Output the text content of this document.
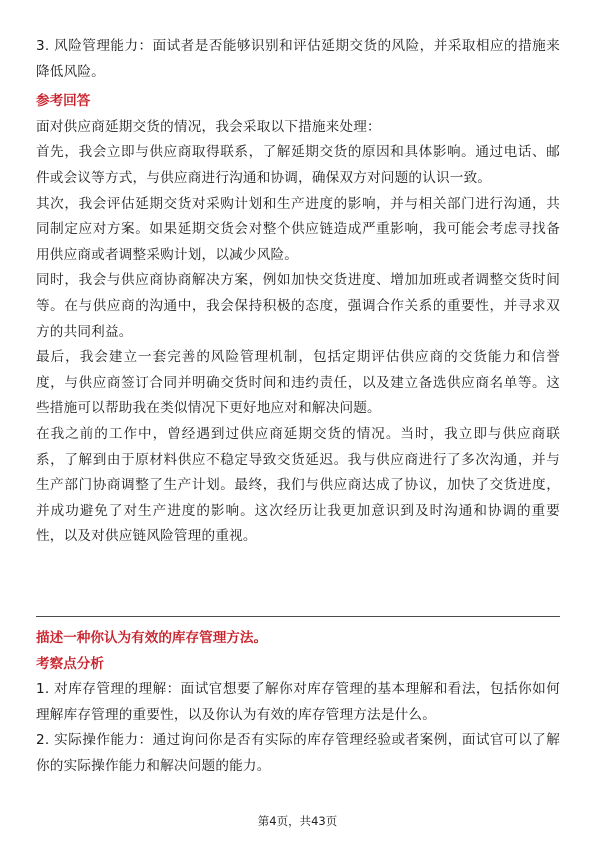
3. 风险管理能力：面试者是否能够识别和评估延期交货的风险，并采取相应的措施来降低风险。

参考回答

面对供应商延期交货的情况，我会采取以下措施来处理：

首先，我会立即与供应商取得联系，了解延期交货的原因和具体影响。通过电话、邮件或会议等方式，与供应商进行沟通和协调，确保双方对问题的认识一致。

其次，我会评估延期交货对采购计划和生产进度的影响，并与相关部门进行沟通，共同制定应对方案。如果延期交货会对整个供应链造成严重影响，我可能会考虑寻找备用供应商或者调整采购计划，以减少风险。

同时，我会与供应商协商解决方案，例如加快交货进度、增加加班或者调整交货时间等。在与供应商的沟通中，我会保持积极的态度，强调合作关系的重要性，并寻求双方的共同利益。

最后，我会建立一套完善的风险管理机制，包括定期评估供应商的交货能力和信誉度，与供应商签订合同并明确交货时间和违约责任，以及建立备选供应商名单等。这些措施可以帮助我在类似情况下更好地应对和解决问题。

在我之前的工作中，曾经遇到过供应商延期交货的情况。当时，我立即与供应商联系，了解到由于原材料供应不稳定导致交货延迟。我与供应商进行了多次沟通，并与生产部门协商调整了生产计划。最终，我们与供应商达成了协议，加快了交货进度，并成功避免了对生产进度的影响。这次经历让我更加意识到及时沟通和协调的重要性，以及对供应链风险管理的重视。

描述一种你认为有效的库存管理方法。

考察点分析

1. 对库存管理的理解：面试官想要了解你对库存管理的基本理解和看法，包括你如何理解库存管理的重要性，以及你认为有效的库存管理方法是什么。

2. 实际操作能力：通过询问你是否有实际的库存管理经验或者案例，面试官可以了解你的实际操作能力和解决问题的能力。

第4页，共43页
